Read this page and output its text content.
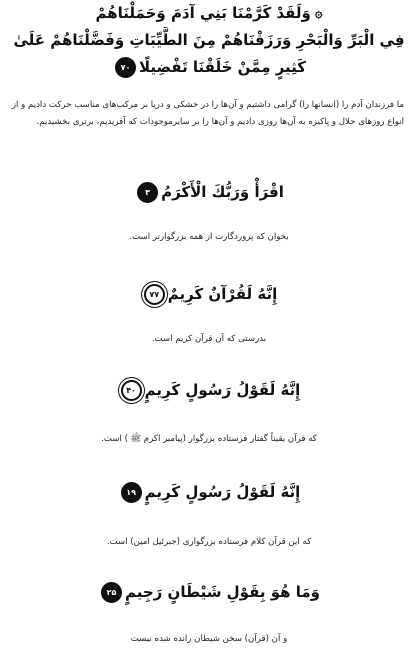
۞وَلَقَدْ كَرَّمْنَا بَنِي آدَمَ وَحَمَلْنَاهُمْ
فِي الْبَرِّ وَالْبَحْرِ وَرَزَقْنَاهُمْ مِنَ الطَّيِّبَاتِ وَفَضَّلْنَاهُمْ عَلَىٰ
كَثِيرٍ مِمَّنْ خَلَقْنَا تَفْضِيلًا۷۰
ما فرزندان آدم را (انسانها را) گرامی داشتیم و آن‌ها را در خشکی و دریا بر مرکب‌های مناسب حرکت دادیم و از انواع روزهای حلال و پاکیزه به آن‌ها روزی دادیم و آن‌ها را بر سایرموجودات که آفریدیم، برتری بخشیدیم.
اقْرَأْ وَرَبُّكَ الْأَكْرَمُ۳
بخوان که پروردگارت از همه بزرگوارتر است.
إِنَّهُ لَقُرْآنٌ كَرِيمٌ۷۷
بدرستی که آن قرآن کریم است.
إِنَّهُ لَقَوْلُ رَسُولٍ كَرِيمٍ۴۰
که قرآن یقیناً گفتار فرستاده بزرگوار (پیامبر اکرم ﷺ ) است.
إِنَّهُ لَقَوْلُ رَسُولٍ كَرِيمٍ۱۹
که این قرآن کلام فرستاده بزرگواری (جبرئیل امین) است.
وَمَا هُوَ بِقَوْلِ شَيْطَانٍ رَجِيمٍ۲۵
و آن (قرآن) سخن شیطان رانده شده نیست
